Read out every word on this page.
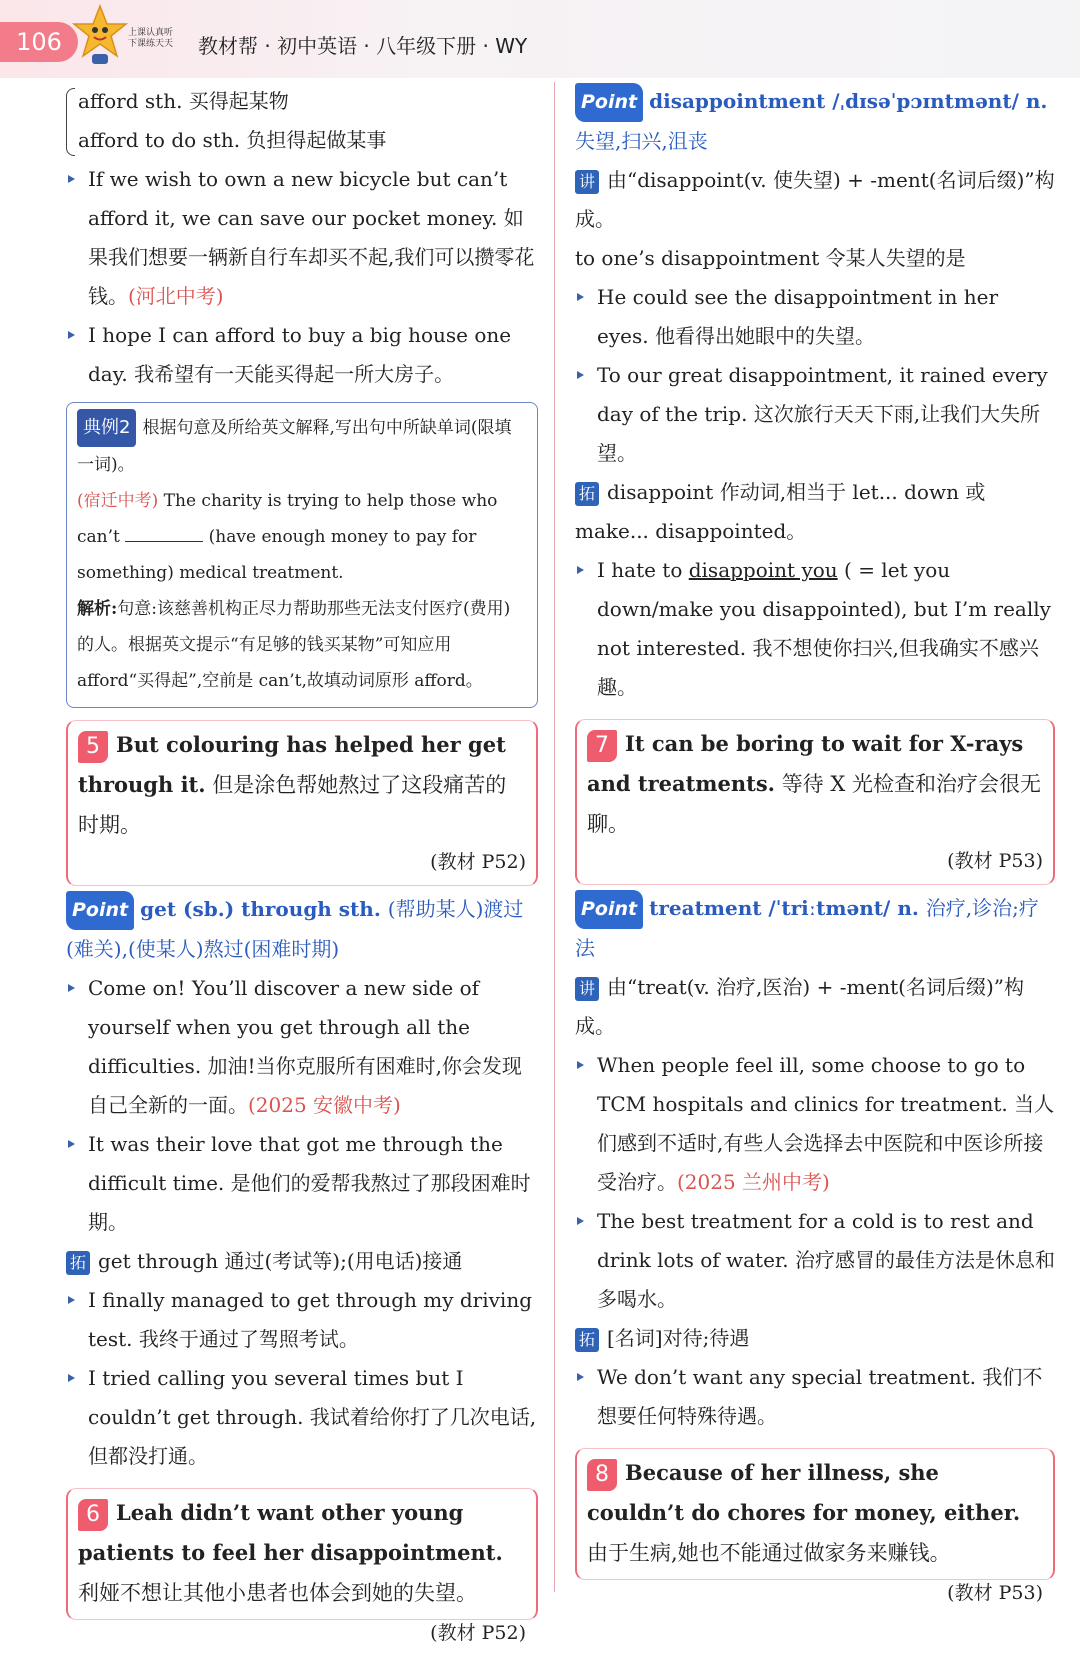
106	上课认真听
下课练天天 教材帮 · 初中英语 · 八年级下册 · WY

afford sth. 买得起某物

afford to do sth. 负担得起做某事

If we wish to own a new bicycle but can’t afford it, we can save our pocket money. 如果我们想要一辆新自行车却买不起,我们可以攒零花钱。(河北中考)

I hope I can afford to buy a big house one day. 我希望有一天能买得起一所大房子。

典例2 根据句意及所给英文解释,写出句中所缺单词(限填一词)。

(宿迁中考) The charity is trying to help those who can’t	(have enough money to pay for something) medical treatment.

解析:句意:该慈善机构正尽力帮助那些无法支付医疗(费用)的人。根据英文提示“有足够的钱买某物”可知应用 afford“买得起”,空前是 can’t,故填动词原形 afford。

5 But colouring has helped her get through it. 但是涂色帮她熬过了这段痛苦的时期。

(教材 P52)

Point get (sb.) through sth. (帮助某人)渡过(难关),(使某人)熬过(困难时期)

Come on! You’ll discover a new side of yourself when you get through all the difficulties. 加油!当你克服所有困难时,你会发现自己全新的一面。(2025 安徽中考)

It was their love that got me through the difficult time. 是他们的爱帮我熬过了那段困难时期。

拓 get through 通过(考试等);(用电话)接通

I finally managed to get through my driving test. 我终于通过了驾照考试。

I tried calling you several times but I couldn’t get through. 我试着给你打了几次电话,但都没打通。

6 Leah didn’t want other young patients to feel her disappointment. 利娅不想让其他小患者也体会到她的失望。
(教材 P52)

Point disappointment /ˌdɪsəˈpɔɪntmənt/ n. 失望,扫兴,沮丧

讲 由“disappoint(v. 使失望) + -ment(名词后缀)”构成。

to one’s disappointment 令某人失望的是

He could see the disappointment in her eyes. 他看得出她眼中的失望。

To our great disappointment, it rained every day of the trip. 这次旅行天天下雨,让我们大失所望。

拓 disappoint 作动词,相当于 let... down 或 make... disappointed。

I hate to disappoint you ( = let you down/make you disappointed), but I’m really not interested. 我不想使你扫兴,但我确实不感兴趣。

7 It can be boring to wait for X-rays and treatments. 等待 X 光检查和治疗会很无聊。

(教材 P53)

Point treatment /ˈtriːtmənt/ n. 治疗,诊治;疗法

讲 由“treat(v. 治疗,医治) + -ment(名词后缀)”构成。

When people feel ill, some choose to go to TCM hospitals and clinics for treatment. 当人们感到不适时,有些人会选择去中医院和中医诊所接受治疗。(2025 兰州中考)

The best treatment for a cold is to rest and drink lots of water. 治疗感冒的最佳方法是休息和多喝水。

拓 [名词]对待;待遇

We don’t want any special treatment. 我们不想要任何特殊待遇。

8 Because of her illness, she couldn’t do chores for money, either. 由于生病,她也不能通过做家务来赚钱。
(教材 P53)
